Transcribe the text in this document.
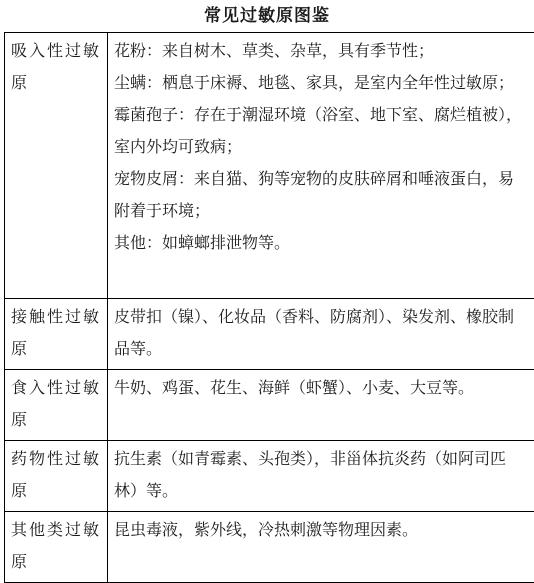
常见过敏原图鉴
吸入性过敏原	花粉：来自树木、草类、杂草，具有季节性；
尘螨：栖息于床褥、地毯、家具，是室内全年性过敏原；
霉菌孢子：存在于潮湿环境（浴室、地下室、腐烂植被），室内外均可致病；
宠物皮屑：来自猫、狗等宠物的皮肤碎屑和唾液蛋白，易附着于环境；
其他：如蟑螂排泄物等。

接触性过敏原	皮带扣（镍）、化妆品（香料、防腐剂）、染发剂、橡胶制品等。
食入性过敏原	牛奶、鸡蛋、花生、海鲜（虾蟹）、小麦、大豆等。
药物性过敏原	抗生素（如青霉素、头孢类），非甾体抗炎药（如阿司匹林）等。
其他类过敏原	昆虫毒液，紫外线，冷热刺激等物理因素。
